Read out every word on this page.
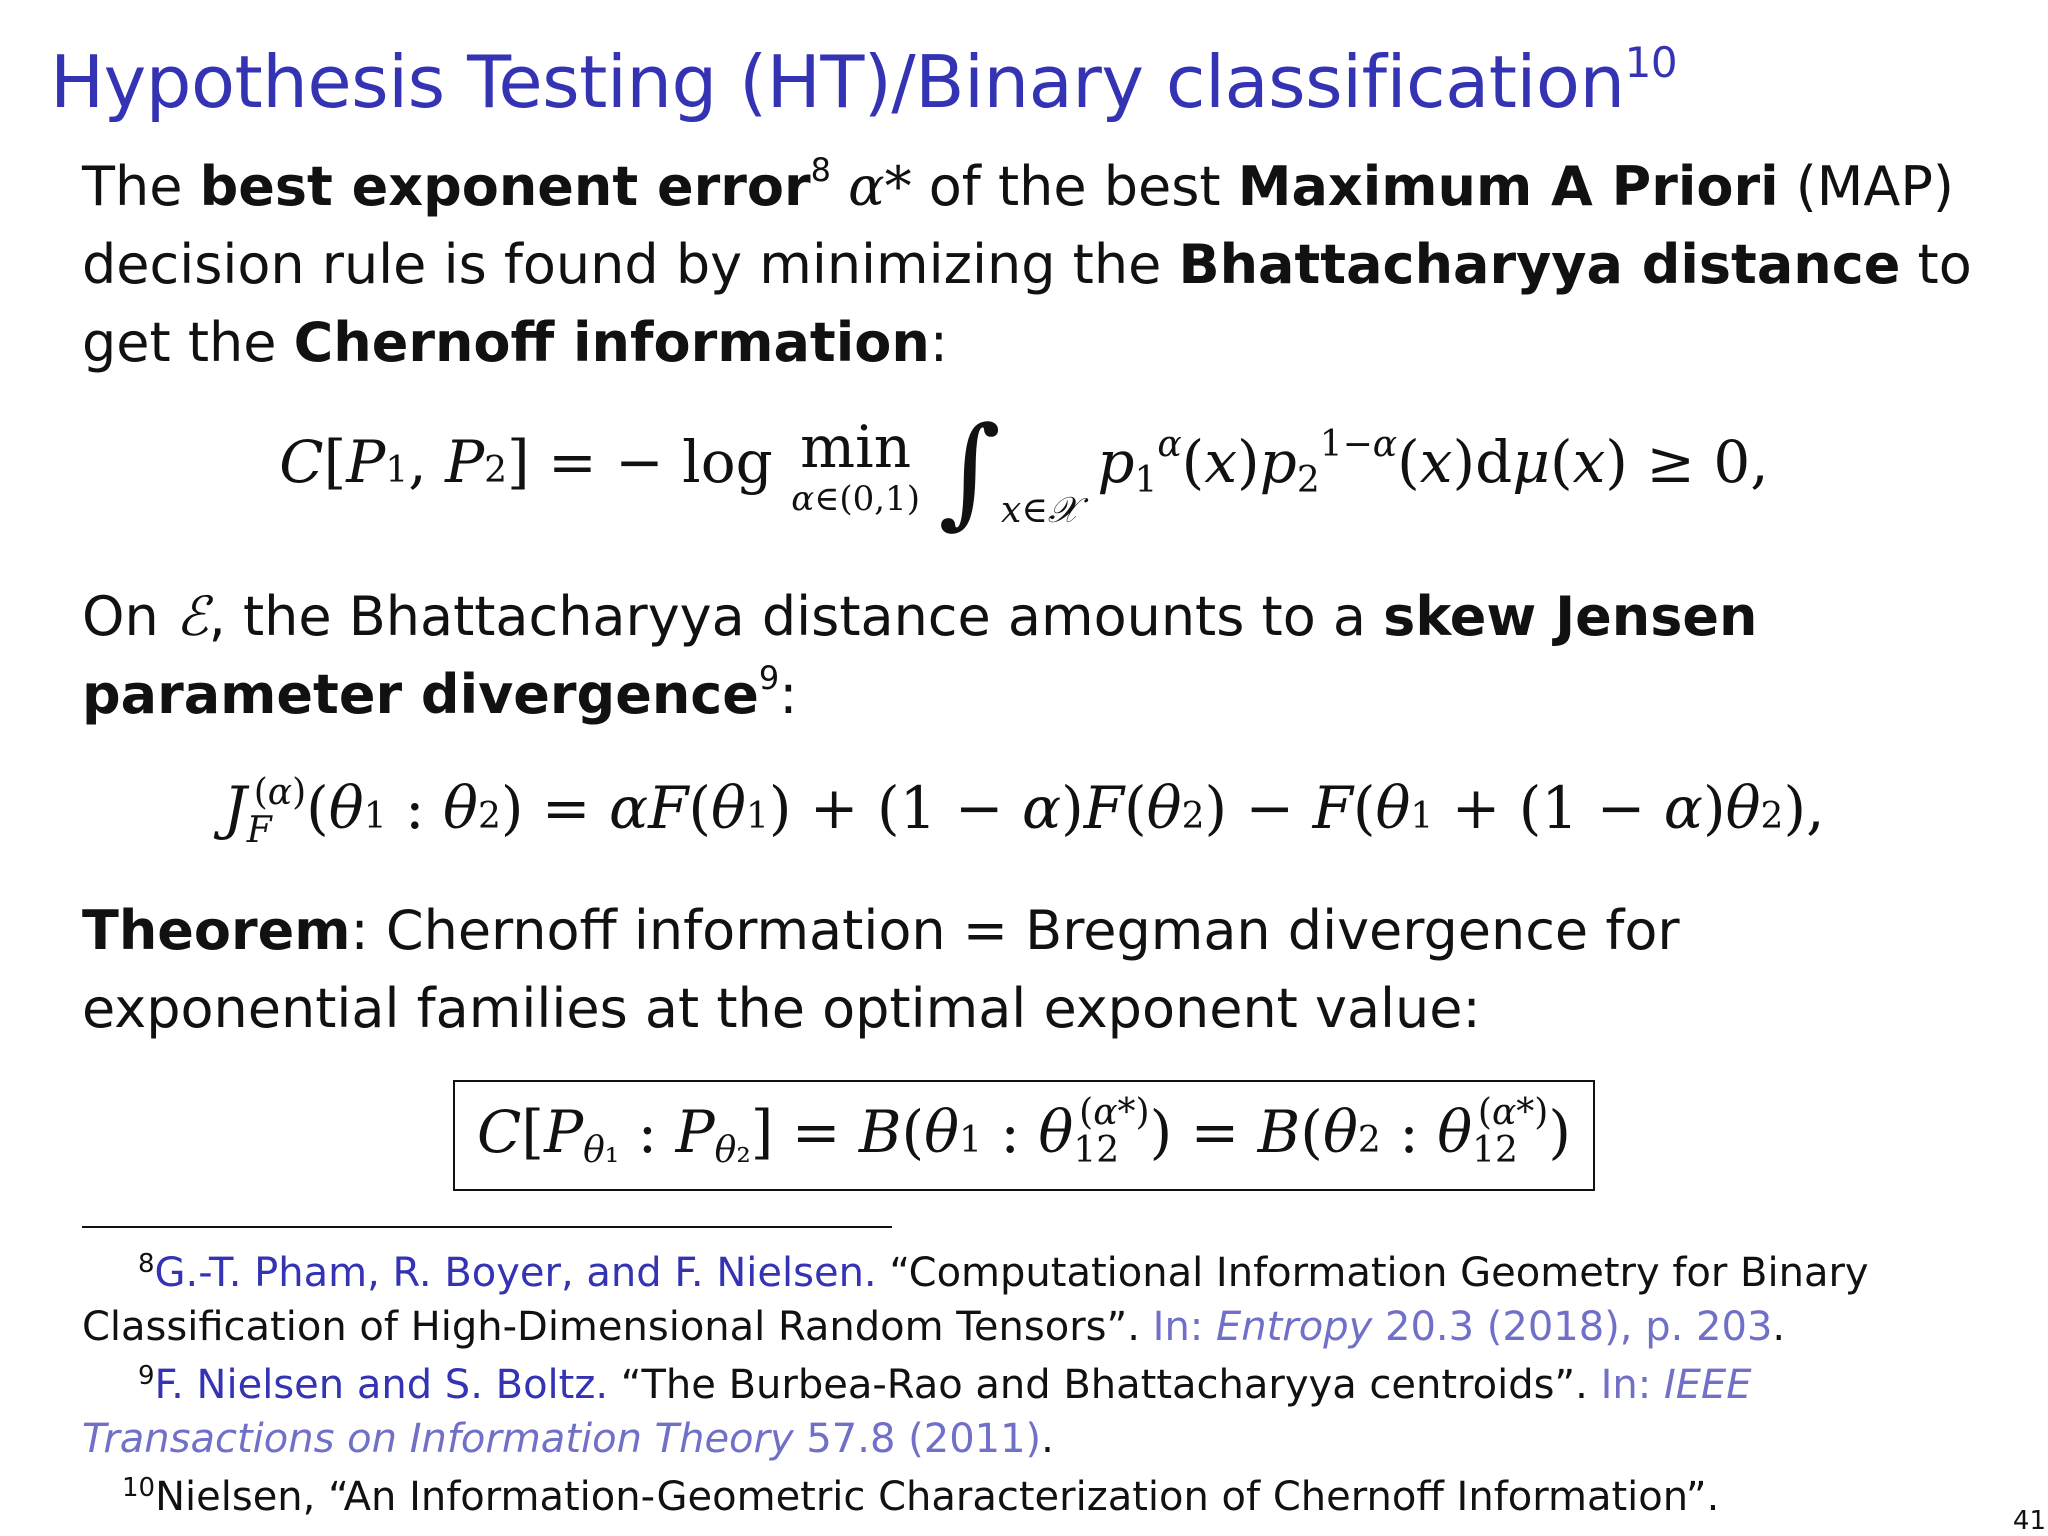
Hypothesis Testing (HT)/Binary classification$^{10}$

The best exponent error$^8$ α* of the best Maximum A Priori (MAP) decision rule is found by minimizing the Bhattacharyya distance to get the Chernoff information:

C[P1, P2] = − log min
α∈(0,1) $\int_{x\in 𝒳}$ $p1^\alpha(x)p2^{1-\alpha}(x)d\mu(x) \ge 0$,

On ℰ, the Bhattacharyya distance amounts to a skew Jensen parameter divergence$^9$:

$J_F^{(\alpha)}(\theta 1$ : θ2) = αF(θ1) + (1 − α)F(θ2) − F(θ1 + (1 − α)θ2),

Theorem: Chernoff information = Bregman divergence for exponential families at the optimal exponent value:

C[Pθ₁ : Pθ₂] = B(θ1 : $\theta 12^{(\alpha*)}) = B(\theta 2$ : $\theta 12^{(\alpha*)}$)

$^8$G.-T. Pham, R. Boyer, and F. Nielsen. “Computational Information Geometry for Binary Classification of High-Dimensional Random Tensors”. In: Entropy 20.3 (2018), p. 203.

$^9$F. Nielsen and S. Boltz. “The Burbea-Rao and Bhattacharyya centroids”. In: IEEE Transactions on Information Theory 57.8 (2011).

$^{10}$Nielsen, “An Information-Geometric Characterization of Chernoff Information”.

41
